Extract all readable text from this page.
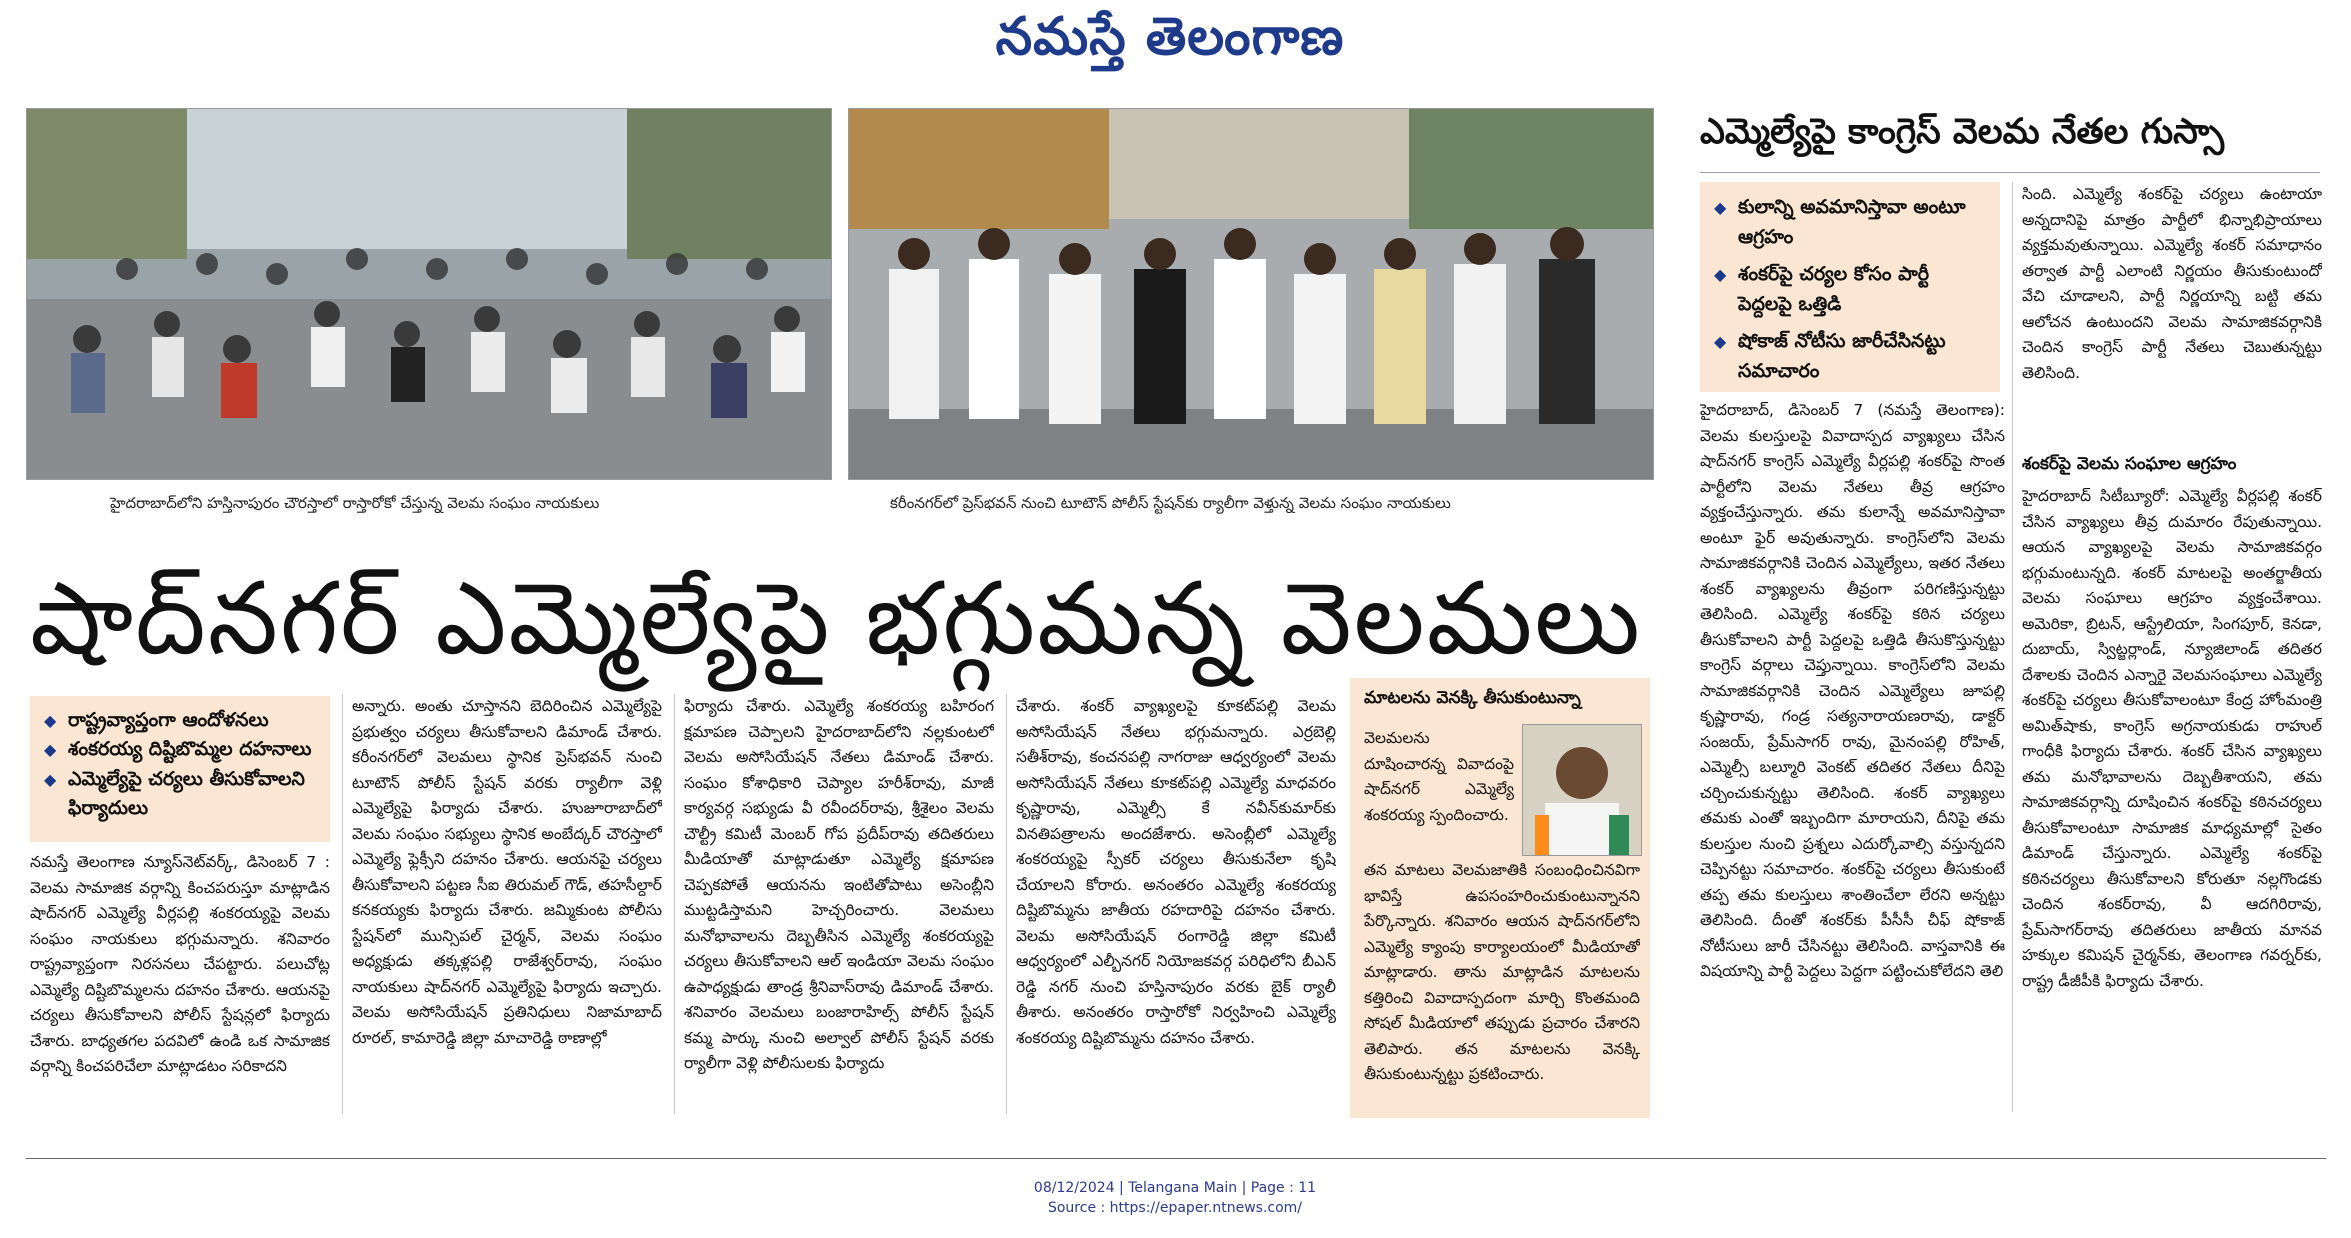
నమస్తే తెలంగాణ
హైదరాబాద్‌లోని హస్తినాపురం చౌరస్తాలో రాస్తారోకో చేస్తున్న వెలమ సంఘం నాయకులు	కరీంనగర్‌లో ప్రెస్‌భవన్ నుంచి టూటౌన్ పోలీస్ స్టేషన్‌కు ర్యాలీగా వెళ్తున్న వెలమ సంఘం నాయకులు
షాద్‌నగర్ ఎమ్మెల్యేపై భగ్గుమన్న వెలమలు
◆ రాష్ట్రవ్యాప్తంగా ఆందోళనలు
◆ శంకరయ్య దిష్టిబొమ్మల దహనాలు
◆ ఎమ్మెల్యేపై చర్యలు తీసుకోవాలని ఫిర్యాదులు
నమస్తే తెలంగాణ న్యూస్‌నెట్‌వర్క్, డిసెంబర్ 7 : వెలమ సామాజిక వర్గాన్ని కించపరుస్తూ మాట్లాడిన షాద్‌నగర్ ఎమ్మెల్యే వీర్లపల్లి శంకరయ్యపై వెలమ సంఘం నాయకులు భగ్గుమన్నారు. శనివారం రాష్ట్రవ్యాప్తంగా నిరసనలు చేపట్టారు. పలుచోట్ల ఎమ్మెల్యే దిష్టిబొమ్మలను దహనం చేశారు. ఆయనపై చర్యలు తీసుకోవాలని పోలీస్ స్టేషన్లలో ఫిర్యాదు చేశారు. బాధ్యతగల పదవిలో ఉండి ఒక సామాజిక వర్గాన్ని కించపరిచేలా మాట్లాడటం సరికాదని
అన్నారు. అంతు చూస్తానని బెదిరించిన ఎమ్మెల్యేపై ప్రభుత్వం చర్యలు తీసుకోవాలని డిమాండ్ చేశారు. కరీంనగర్‌లో వెలమలు స్థానిక ప్రెస్‌భవన్ నుంచి టూటౌన్ పోలీస్ స్టేషన్ వరకు ర్యాలీగా వెళ్లి ఎమ్మెల్యేపై ఫిర్యాదు చేశారు. హుజూరాబాద్‌లో వెలమ సంఘం సభ్యులు స్థానిక అంబేద్కర్ చౌరస్తాలో ఎమ్మెల్యే ఫ్లెక్సీని దహనం చేశారు. ఆయనపై చర్యలు తీసుకోవాలని పట్టణ సీఐ తిరుమల్ గౌడ్, తహసీల్దార్ కనకయ్యకు ఫిర్యాదు చేశారు. జమ్మికుంట పోలీసు స్టేషన్‌లో మున్సిపల్ చైర్మన్, వెలమ సంఘం అధ్యక్షుడు తక్కళ్లపల్లి రాజేశ్వర్‌రావు, సంఘం నాయకులు షాద్‌నగర్ ఎమ్మెల్యేపై ఫిర్యాదు ఇచ్చారు. వెలమ అసోసియేషన్ ప్రతినిధులు నిజామాబాద్ రూరల్, కామారెడ్డి జిల్లా మాచారెడ్డి ఠాణాల్లో
ఫిర్యాదు చేశారు. ఎమ్మెల్యే శంకరయ్య బహిరంగ క్షమాపణ చెప్పాలని హైదరాబాద్‌లోని నల్లకుంటలో వెలమ అసోసియేషన్ నేతలు డిమాండ్ చేశారు. సంఘం కోశాధికారి చెప్యాల హరీశ్‌రావు, మాజీ కార్యవర్గ సభ్యుడు వీ రవీందర్‌రావు, శ్రీశైలం వెలమ చౌల్ట్రీ కమిటీ మెంబర్ గోప ప్రదీప్‌రావు తదితరులు మీడియాతో మాట్లాడుతూ ఎమ్మెల్యే క్షమాపణ చెప్పకపోతే ఆయనను ఇంటితోపాటు అసెంబ్లీని ముట్టడిస్తామని హెచ్చరించారు. వెలమలు మనోభావాలను దెబ్బతీసిన ఎమ్మెల్యే శంకరయ్యపై చర్యలు తీసుకోవాలని ఆల్ ఇండియా వెలమ సంఘం ఉపాధ్యక్షుడు తాండ్ర శ్రీనివాస్‌రావు డిమాండ్ చేశారు. శనివారం వెలమలు బంజారాహిల్స్ పోలీస్ స్టేషన్ కమ్మ పార్కు నుంచి అల్వాల్ పోలీస్ స్టేషన్ వరకు ర్యాలీగా వెళ్లి పోలీసులకు ఫిర్యాదు
చేశారు. శంకర్ వ్యాఖ్యలపై కూకట్‌పల్లి వెలమ అసోసియేషన్ నేతలు భగ్గుమన్నారు. ఎర్రబెల్లి సతీశ్‌రావు, కంచనపల్లి నాగరాజు ఆధ్వర్యంలో వెలమ అసోసియేషన్ నేతలు కూకట్‌పల్లి ఎమ్మెల్యే మాధవరం కృష్ణారావు, ఎమ్మెల్సీ కే నవీన్‌కుమార్‌కు వినతిపత్రాలను అందజేశారు. అసెంబ్లీలో ఎమ్మెల్యే శంకరయ్యపై స్పీకర్ చర్యలు తీసుకునేలా కృషి చేయాలని కోరారు. అనంతరం ఎమ్మెల్యే శంకరయ్య దిష్టిబొమ్మను జాతీయ రహదారిపై దహనం చేశారు. వెలమ అసోసియేషన్ రంగారెడ్డి జిల్లా కమిటీ ఆధ్వర్యంలో ఎల్బీనగర్ నియోజకవర్గ పరిధిలోని బీఎన్ రెడ్డి నగర్ నుంచి హస్తినాపురం వరకు బైక్ ర్యాలీ తీశారు. అనంతరం రాస్తారోకో నిర్వహించి ఎమ్మెల్యే శంకరయ్య దిష్టిబొమ్మను దహనం చేశారు.
మాటలను వెనక్కి తీసుకుంటున్నా
వెలమలను దూషించారన్న వివాదంపై షాద్‌నగర్ ఎమ్మెల్యే శంకరయ్య స్పందించారు.
తన మాటలు వెలమజాతికి సంబంధించినవిగా భావిస్తే ఉపసంహరించుకుంటున్నానని పేర్కొన్నారు. శనివారం ఆయన షాద్‌నగర్‌లోని ఎమ్మెల్యే క్యాంపు కార్యాలయంలో మీడియాతో మాట్లాడారు. తాను మాట్లాడిన మాటలను కత్తిరించి వివాదాస్పదంగా మార్చి కొంతమంది సోషల్ మీడియాలో తప్పుడు ప్రచారం చేశారని తెలిపారు. తన మాటలను వెనక్కి తీసుకుంటున్నట్టు ప్రకటించారు.
ఎమ్మెల్యేపై కాంగ్రెస్ వెలమ నేతల గుస్సా
◆ కులాన్ని అవమానిస్తావా అంటూ ఆగ్రహం
◆ శంకర్‌పై చర్యల కోసం పార్టీ పెద్దలపై ఒత్తిడి
◆ షోకాజ్ నోటీసు జారీచేసినట్టు సమాచారం
హైదరాబాద్, డిసెంబర్ 7 (నమస్తే తెలంగాణ): వెలమ కులస్తులపై వివాదాస్పద వ్యాఖ్యలు చేసిన షాద్‌నగర్ కాంగ్రెస్ ఎమ్మెల్యే వీర్లపల్లి శంకర్‌పై సొంత పార్టీలోని వెలమ నేతలు తీవ్ర ఆగ్రహం వ్యక్తంచేస్తున్నారు. తమ కులాన్నే అవమానిస్తావా అంటూ ఫైర్ అవుతున్నారు. కాంగ్రెస్‌లోని వెలమ సామాజికవర్గానికి చెందిన ఎమ్మెల్యేలు, ఇతర నేతలు శంకర్ వ్యాఖ్యలను తీవ్రంగా పరిగణిస్తున్నట్టు తెలిసింది. ఎమ్మెల్యే శంకర్‌పై కఠిన చర్యలు తీసుకోవాలని పార్టీ పెద్దలపై ఒత్తిడి తీసుకొస్తున్నట్టు కాంగ్రెస్ వర్గాలు చెప్తున్నాయి. కాంగ్రెస్‌లోని వెలమ సామాజికవర్గానికి చెందిన ఎమ్మెల్యేలు జూపల్లి కృష్ణారావు, గండ్ర సత్యనారాయణరావు, డాక్టర్ సంజయ్, ప్రేమ్‌సాగర్ రావు, మైనంపల్లి రోహిత్, ఎమ్మెల్సీ బల్మూరి వెంకట్ తదితర నేతలు దీనిపై చర్చించుకున్నట్టు తెలిసింది. శంకర్ వ్యాఖ్యలు తమకు ఎంతో ఇబ్బందిగా మారాయని, దీనిపై తమ కులస్తుల నుంచి ప్రశ్నలు ఎదుర్కోవాల్సి వస్తున్నదని చెప్పినట్టు సమాచారం. శంకర్‌పై చర్యలు తీసుకుంటే తప్ప తమ కులస్తులు శాంతించేలా లేరని అన్నట్టు తెలిసింది. దీంతో శంకర్‌కు పీసీసీ చీఫ్ షోకాజ్ నోటీసులు జారీ చేసినట్టు తెలిసింది. వాస్తవానికి ఈ విషయాన్ని పార్టీ పెద్దలు పెద్దగా పట్టించుకోలేదని తెలి
సింది. ఎమ్మెల్యే శంకర్‌పై చర్యలు ఉంటాయా అన్నదానిపై మాత్రం పార్టీలో భిన్నాభిప్రాయాలు వ్యక్తమవుతున్నాయి. ఎమ్మెల్యే శంకర్ సమాధానం తర్వాత పార్టీ ఎలాంటి నిర్ణయం తీసుకుంటుందో వేచి చూడాలని, పార్టీ నిర్ణయాన్ని బట్టి తమ ఆలోచన ఉంటుందని వెలమ సామాజికవర్గానికి చెందిన కాంగ్రెస్ పార్టీ నేతలు చెబుతున్నట్టు తెలిసింది.
శంకర్‌పై వెలమ సంఘాల ఆగ్రహం
హైదరాబాద్ సిటీబ్యూరో: ఎమ్మెల్యే వీర్లపల్లి శంకర్ చేసిన వ్యాఖ్యలు తీవ్ర దుమారం రేపుతున్నాయి. ఆయన వ్యాఖ్యలపై వెలమ సామాజికవర్గం భగ్గుమంటున్నది. శంకర్ మాటలపై అంతర్జాతీయ వెలమ సంఘాలు ఆగ్రహం వ్యక్తంచేశాయి. అమెరికా, బ్రిటన్, ఆస్ట్రేలియా, సింగపూర్, కెనడా, దుబాయ్, స్విట్జర్లాండ్, న్యూజిలాండ్ తదితర దేశాలకు చెందిన ఎన్నారై వెలమసంఘాలు ఎమ్మెల్యే శంకర్‌పై చర్యలు తీసుకోవాలంటూ కేంద్ర హోంమంత్రి అమిత్‌షాకు, కాంగ్రెస్ అగ్రనాయకుడు రాహుల్ గాంధీకి ఫిర్యాదు చేశారు. శంకర్ చేసిన వ్యాఖ్యలు తమ మనోభావాలను దెబ్బతీశాయని, తమ సామాజికవర్గాన్ని దూషించిన శంకర్‌పై కఠినచర్యలు తీసుకోవాలంటూ సామాజిక మాధ్యమాల్లో సైతం డిమాండ్ చేస్తున్నారు. ఎమ్మెల్యే శంకర్‌పై కఠినచర్యలు తీసుకోవాలని కోరుతూ నల్లగొండకు చెందిన శంకర్‌రావు, వీ ఆదగిరిరావు, ప్రేమ్‌సాగర్‌రావు తదితరులు జాతీయ మానవ హక్కుల కమిషన్ చైర్మన్‌కు, తెలంగాణ గవర్నర్‌కు, రాష్ట్ర డీజీపీకి ఫిర్యాదు చేశారు.
08/12/2024 | Telangana Main | Page : 11
Source : https://epaper.ntnews.com/
